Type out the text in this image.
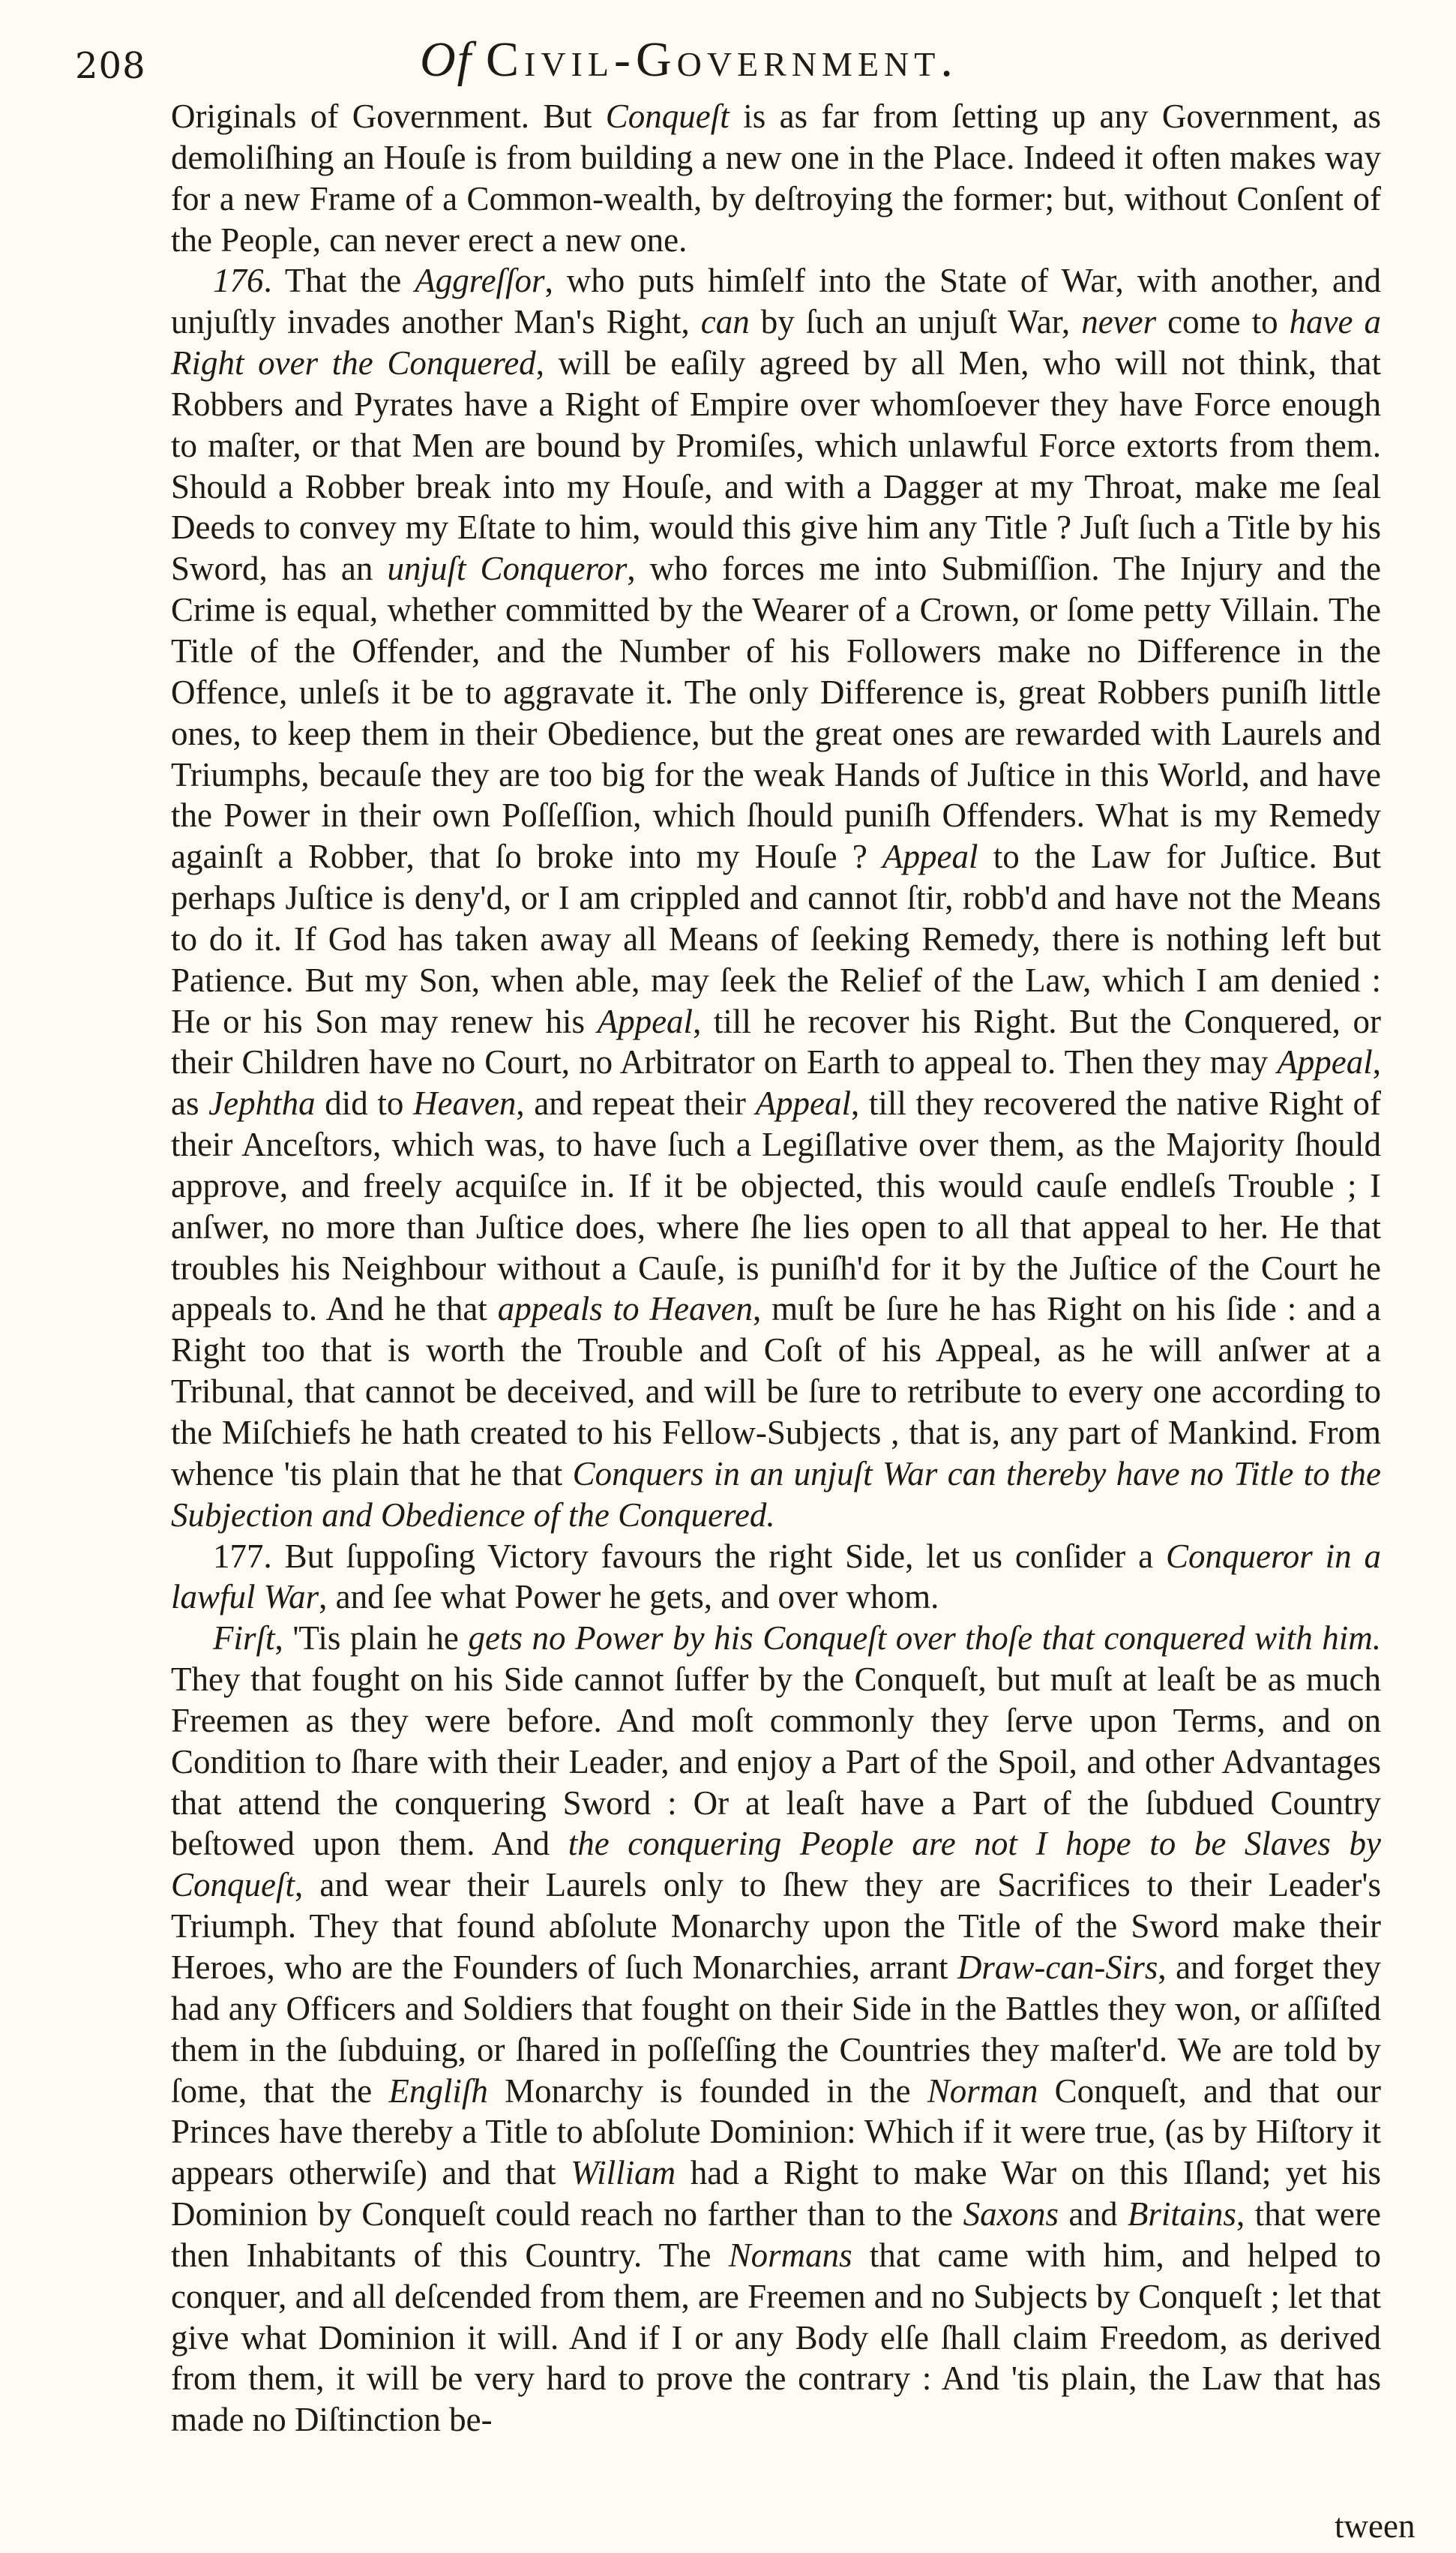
208	Of Civil-Government.

Originals of Government. But Conqueſt is as far from ſetting up any Government, as demoliſhing an Houſe is from building a new one in the Place. Indeed it often makes way for a new Frame of a Common-wealth, by deſtroying the former; but, without Conſent of the People, can never erect a new one.

176. That the Aggreſſor, who puts himſelf into the State of War, with another, and unjuſtly invades another Man's Right, can by ſuch an unjuſt War, never come to have a Right over the Conquered, will be eaſily agreed by all Men, who will not think, that Robbers and Pyrates have a Right of Empire over whomſoever they have Force enough to maſter, or that Men are bound by Promiſes, which unlawful Force extorts from them. Should a Robber break into my Houſe, and with a Dagger at my Throat, make me ſeal Deeds to convey my Eſtate to him, would this give him any Title ? Juſt ſuch a Title by his Sword, has an unjuſt Conqueror, who forces me into Submiſſion. The Injury and the Crime is equal, whether committed by the Wearer of a Crown, or ſome petty Villain. The Title of the Offender, and the Number of his Followers make no Difference in the Offence, unleſs it be to aggravate it. The only Difference is, great Robbers puniſh little ones, to keep them in their Obedience, but the great ones are rewarded with Laurels and Triumphs, becauſe they are too big for the weak Hands of Juſtice in this World, and have the Power in their own Poſſeſſion, which ſhould puniſh Offenders. What is my Remedy againſt a Robber, that ſo broke into my Houſe ? Appeal to the Law for Juſtice. But perhaps Juſtice is deny'd, or I am crippled and cannot ſtir, robb'd and have not the Means to do it. If God has taken away all Means of ſeeking Remedy, there is nothing left but Patience. But my Son, when able, may ſeek the Relief of the Law, which I am denied : He or his Son may renew his Appeal, till he recover his Right. But the Conquered, or their Children have no Court, no Arbitrator on Earth to appeal to. Then they may Appeal, as Jephtha did to Heaven, and repeat their Appeal, till they recovered the native Right of their Anceſtors, which was, to have ſuch a Legiſlative over them, as the Majority ſhould approve, and freely acquiſce in. If it be objected, this would cauſe endleſs Trouble ; I anſwer, no more than Juſtice does, where ſhe lies open to all that appeal to her. He that troubles his Neighbour without a Cauſe, is puniſh'd for it by the Juſtice of the Court he appeals to. And he that appeals to Heaven, muſt be ſure he has Right on his ſide : and a Right too that is worth the Trouble and Coſt of his Appeal, as he will anſwer at a Tribunal, that cannot be deceived, and will be ſure to retribute to every one according to the Miſchiefs he hath created to his Fellow-Subjects , that is, any part of Mankind. From whence 'tis plain that he that Conquers in an unjuſt War can thereby have no Title to the Subjection and Obedience of the Conquered.

177. But ſuppoſing Victory favours the right Side, let us conſider a Conqueror in a lawful War, and ſee what Power he gets, and over whom.

Firſt, 'Tis plain he gets no Power by his Conqueſt over thoſe that conquered with him. They that fought on his Side cannot ſuffer by the Conqueſt, but muſt at leaſt be as much Freemen as they were before. And moſt commonly they ſerve upon Terms, and on Condition to ſhare with their Leader, and enjoy a Part of the Spoil, and other Advantages that attend the conquering Sword : Or at leaſt have a Part of the ſubdued Country beſtowed upon them. And the conquering People are not I hope to be Slaves by Conqueſt, and wear their Laurels only to ſhew they are Sacrifices to their Leader's Triumph. They that found abſolute Monarchy upon the Title of the Sword make their Heroes, who are the Founders of ſuch Monarchies, arrant Draw-can-Sirs, and forget they had any Officers and Soldiers that fought on their Side in the Battles they won, or aſſiſted them in the ſubduing, or ſhared in poſſeſſing the Countries they maſter'd. We are told by ſome, that the Engliſh Monarchy is founded in the Norman Conqueſt, and that our Princes have thereby a Title to abſolute Dominion: Which if it were true, (as by Hiſtory it appears otherwiſe) and that William had a Right to make War on this Iſland; yet his Dominion by Conqueſt could reach no farther than to the Saxons and Britains, that were then Inhabitants of this Country. The Normans that came with him, and helped to conquer, and all deſcended from them, are Freemen and no Subjects by Conqueſt ; let that give what Dominion it will. And if I or any Body elſe ſhall claim Freedom, as derived from them, it will be very hard to prove the contrary : And 'tis plain, the Law that has made no Diſtinction be-

tween
